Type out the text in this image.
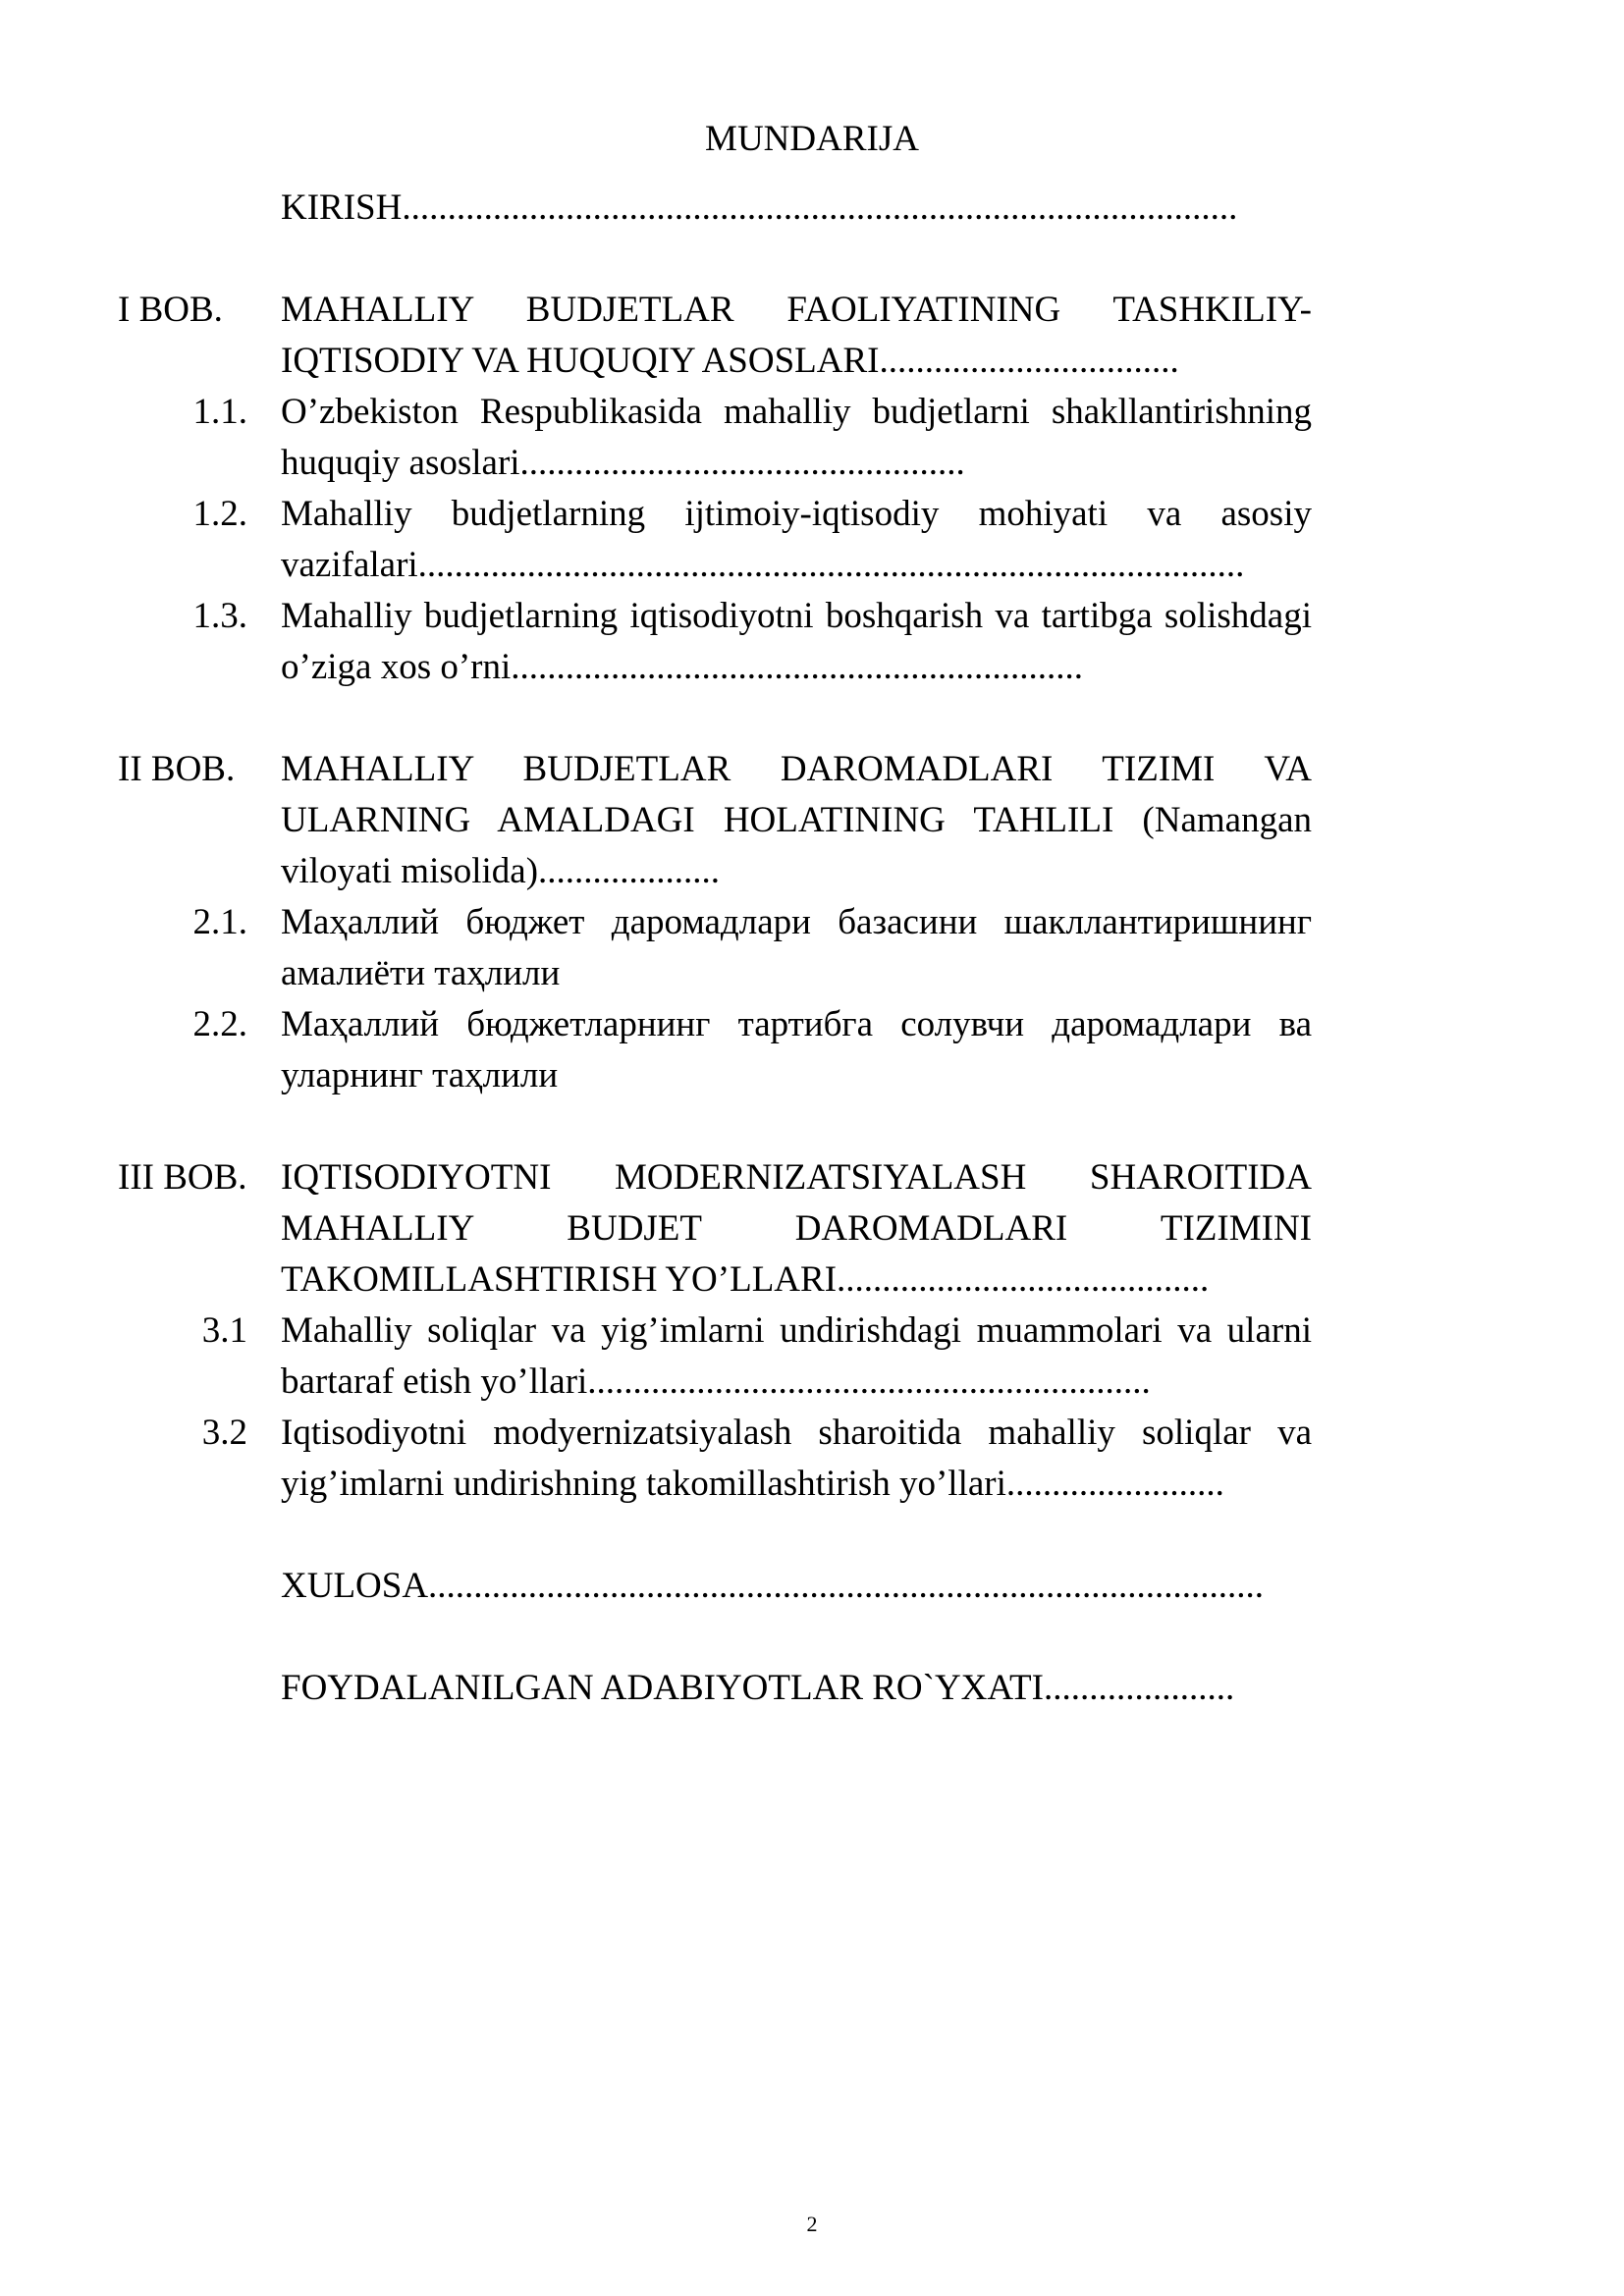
MUNDARIJA
KIRISH............................................................................................
I BOB. MAHALLIY BUDJETLAR FAOLIYATINING TASHKILIY-IQTISODIY VA HUQUQIY ASOSLARI.................................
1.1. O’zbekiston Respublikasida mahalliy budjetlarni shakllantirishning huquqiy asoslari.................................................
1.2. Mahalliy budjetlarning ijtimoiy-iqtisodiy mohiyati va asosiy vazifalari...........................................................................................
1.3. Mahalliy budjetlarning iqtisodiyotni boshqarish va tartibga solishdagi o’ziga xos o’rni...............................................................
II BOB. MAHALLIY BUDJETLAR DAROMADLARI TIZIMI VA ULARNING AMALDAGI HOLATINING TAHLILI (Namangan viloyati misolida)....................
2.1. Маҳаллий бюджет даромадлари базасини шакллантиришнинг амалиёти таҳлили
2.2. Маҳаллий бюджетларнинг тартибга солувчи даромадлари ва уларнинг таҳлили
III BOB. IQTISODIYOTNI MODERNIZATSIYALASH SHAROITIDA MAHALLIY BUDJET DAROMADLARI TIZIMINI TAKOMILLASHTIRISH YO’LLARI.........................................
3.1 Mahalliy soliqlar va yig’imlarni undirishdagi muammolari va ularni bartaraf etish yo’llari..............................................................
3.2 Iqtisodiyotni modyernizatsiyalash sharoitida mahalliy soliqlar va yig’imlarni undirishning takomillashtirish yo’llari........................
XULOSA............................................................................................
FOYDALANILGAN ADABIYOTLAR RO`YXATI.....................
2
